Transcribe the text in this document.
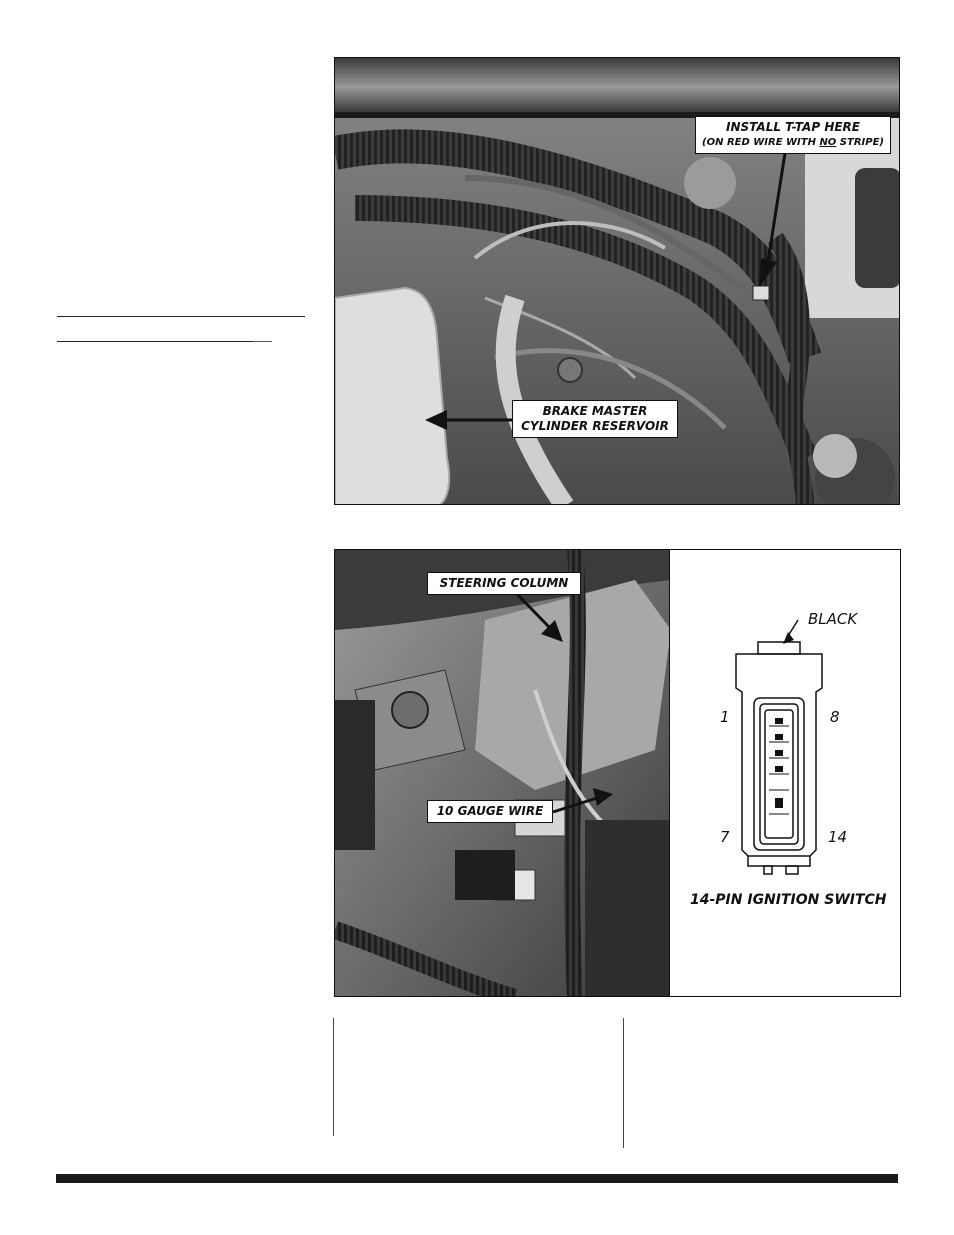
INSTALL T-TAP HERE
(ON RED WIRE WITH NO STRIPE)
BRAKE MASTER
CYLINDER RESERVOIR
STEERING COLUMN
10 GAUGE WIRE
BLACK
1	8
7	14
14-PIN IGNITION SWITCH
